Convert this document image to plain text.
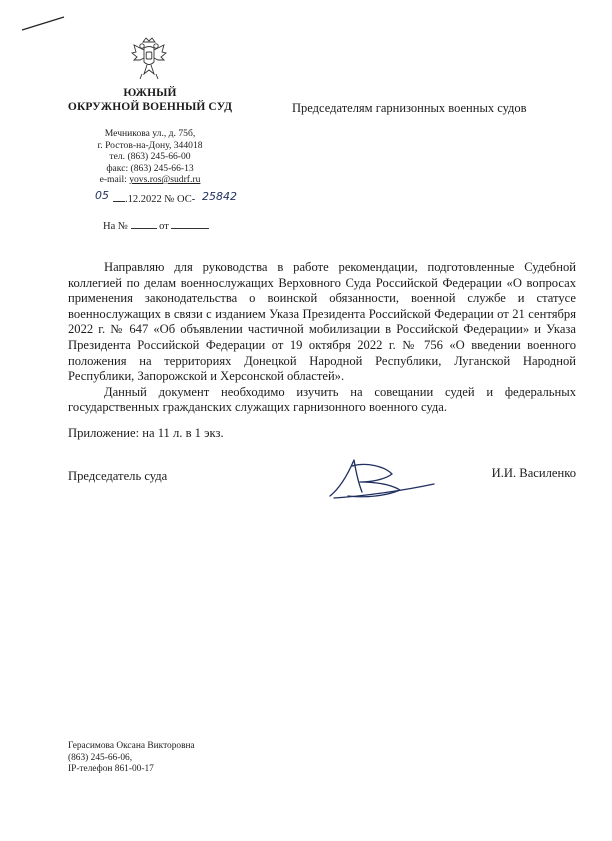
ЮЖНЫЙ
ОКРУЖНОЙ ВОЕННЫЙ СУД	Председателям гарнизонных военных судов
Мечникова ул., д. 75б,
г. Ростов-на-Дону, 344018
тел. (863) 245-66-00
факс: (863) 245-66-13
e-mail: yovs.ros@sudrf.ru
05	.12.2022 № ОС- 25842
На №	от

Направляю для руководства в работе рекомендации, подготовленные Судебной коллегией по делам военнослужащих Верховного Суда Российской Федерации «О вопросах применения законодательства о воинской обязанности, военной службе и статусе военнослужащих в связи с изданием Указа Президента Российской Федерации от 21 сентября 2022 г. № 647 «Об объявлении частичной мобилизации в Российской Федерации» и Указа Президента Российской Федерации от 19 октября 2022 г. № 756 «О введении военного положения на территориях Донецкой Народной Республики, Луганской Народной Республики, Запорожской и Херсонской областей».

Данный документ необходимо изучить на совещании судей и федеральных государственных гражданских служащих гарнизонного военного суда.

Приложение: на 11 л. в 1 экз.
Председатель суда	И.И. Василенко
Герасимова Оксана Викторовна
(863) 245-66-06,
IP-телефон 861-00-17
